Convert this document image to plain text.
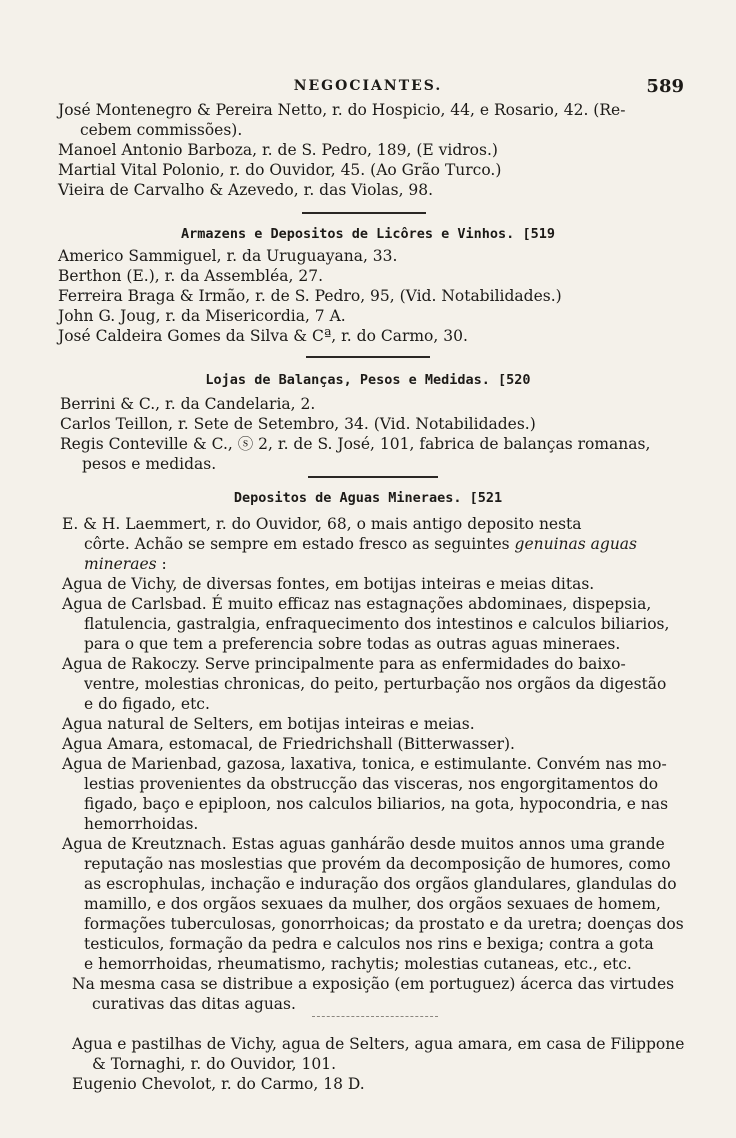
NEGOCIANTES.	589
José Montenegro & Pereira Netto, r. do Hospicio, 44, e Rosario, 42. (Re-
cebem commissões).
Manoel Antonio Barboza, r. de S. Pedro, 189, (E vidros.)
Martial Vital Polonio, r. do Ouvidor, 45. (Ao Grão Turco.)
Vieira de Carvalho & Azevedo, r. das Violas, 98.
Armazens e Depositos de Licôres e Vinhos. [519
Americo Sammiguel, r. da Uruguayana, 33.
Berthon (E.), r. da Assembléa, 27.
Ferreira Braga & Irmão, r. de S. Pedro, 95, (Vid. Notabilidades.)
John G. Joug, r. da Misericordia, 7 A.
José Caldeira Gomes da Silva & Cª, r. do Carmo, 30.
Lojas de Balanças, Pesos e Medidas. [520
Berrini & C., r. da Candelaria, 2.
Carlos Teillon, r. Sete de Setembro, 34. (Vid. Notabilidades.)
Regis Conteville & C., ⓢ 2, r. de S. José, 101, fabrica de balanças romanas,
pesos e medidas.
Depositos de Aguas Mineraes. [521
E. & H. Laemmert, r. do Ouvidor, 68, o mais antigo deposito nesta
côrte. Achão se sempre em estado fresco as seguintes genuinas aguas
mineraes :
Agua de Vichy, de diversas fontes, em botijas inteiras e meias ditas.
Agua de Carlsbad. É muito efficaz nas estagnações abdominaes, dispepsia,
flatulencia, gastralgia, enfraquecimento dos intestinos e calculos biliarios,
para o que tem a preferencia sobre todas as outras aguas mineraes.
Agua de Rakoczy. Serve principalmente para as enfermidades do baixo-
ventre, molestias chronicas, do peito, perturbação nos orgãos da digestão
e do figado, etc.
Agua natural de Selters, em botijas inteiras e meias.
Agua Amara, estomacal, de Friedrichshall (Bitterwasser).
Agua de Marienbad, gazosa, laxativa, tonica, e estimulante. Convém nas mo-
lestias provenientes da obstrucção das visceras, nos engorgitamentos do
figado, baço e epiploon, nos calculos biliarios, na gota, hypocondria, e nas
hemorrhoidas.
Agua de Kreutznach. Estas aguas ganhárão desde muitos annos uma grande
reputação nas moslestias que provém da decomposição de humores, como
as escrophulas, inchação e induração dos orgãos glandulares, glandulas do
mamillo, e dos orgãos sexuaes da mulher, dos orgãos sexuaes de homem,
formações tuberculosas, gonorrhoicas; da prostato e da uretra; doenças dos
testiculos, formação da pedra e calculos nos rins e bexiga; contra a gota
e hemorrhoidas, rheumatismo, rachytis; molestias cutaneas, etc., etc.
Na mesma casa se distribue a exposição (em portuguez) ácerca das virtudes
curativas das ditas aguas.
Agua e pastilhas de Vichy, agua de Selters, agua amara, em casa de Filippone
& Tornaghi, r. do Ouvidor, 101.
Eugenio Chevolot, r. do Carmo, 18 D.
